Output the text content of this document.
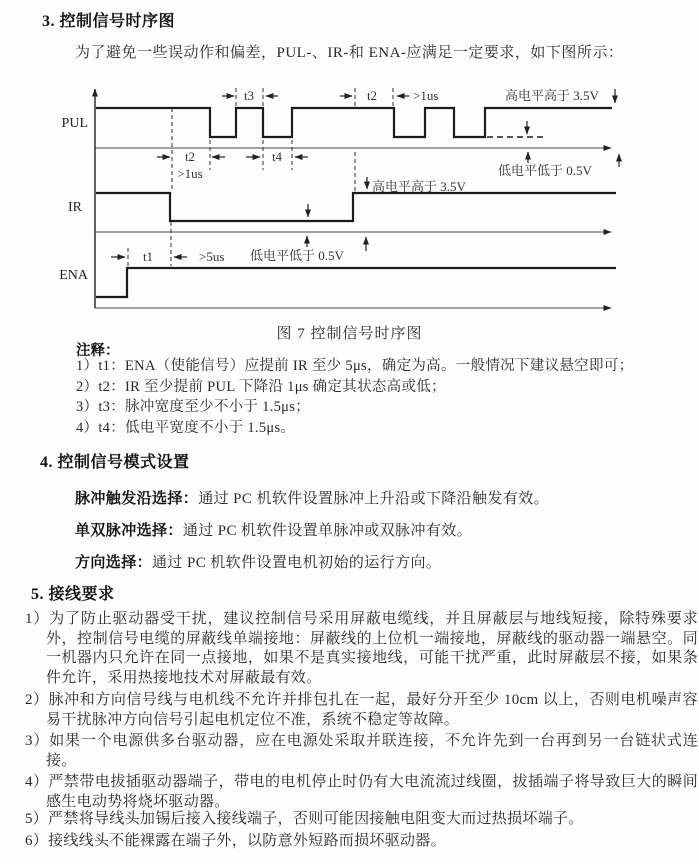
3. 控制信号时序图
为了避免一些误动作和偏差，PUL-、IR-和 ENA-应满足一定要求，如下图所示：
PUL
IR
ENA
t3	t2	>1us	高电平高于 3.5V
t2
>1us
t4
低电平低于 0.5V
高电平高于 3.5V
低电平低于 0.5V
t1	>5us
图 7 控制信号时序图
注释：
1）t1：ENA（使能信号）应提前 IR 至少 5μs，确定为高。一般情况下建议悬空即可；
2）t2：IR 至少提前 PUL 下降沿 1μs 确定其状态高或低；
3）t3：脉冲宽度至少不小于 1.5μs；
4）t4：低电平宽度不小于 1.5μs。
4. 控制信号模式设置
脉冲触发沿选择：通过 PC 机软件设置脉冲上升沿或下降沿触发有效。
单双脉冲选择：通过 PC 机软件设置单脉冲或双脉冲有效。
方向选择：通过 PC 机软件设置电机初始的运行方向。
5. 接线要求
1）为了防止驱动器受干扰，建议控制信号采用屏蔽电缆线，并且屏蔽层与地线短接，除特殊要求外，控制信号电缆的屏蔽线单端接地：屏蔽线的上位机一端接地，屏蔽线的驱动器一端悬空。同一机器内只允许在同一点接地，如果不是真实接地线，可能干扰严重，此时屏蔽层不接，如果条件允许，采用热接地技术对屏蔽最有效。
2）脉冲和方向信号线与电机线不允许并排包扎在一起，最好分开至少 10cm 以上，否则电机噪声容易干扰脉冲方向信号引起电机定位不准，系统不稳定等故障。
3）如果一个电源供多台驱动器，应在电源处采取并联连接，不允许先到一台再到另一台链状式连接。
4）严禁带电拔插驱动器端子，带电的电机停止时仍有大电流流过线圈，拔插端子将导致巨大的瞬间感生电动势将烧坏驱动器。
5）严禁将导线头加锡后接入接线端子，否则可能因接触电阻变大而过热损坏端子。
6）接线线头不能裸露在端子外，以防意外短路而损坏驱动器。
